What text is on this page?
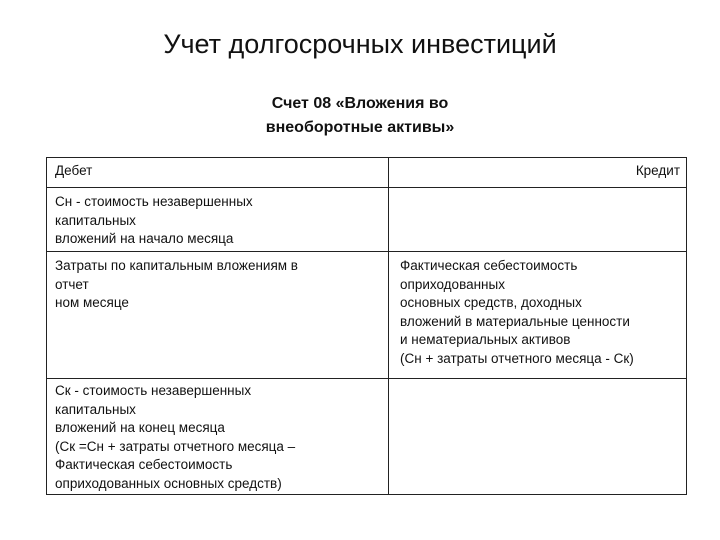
Учет долгосрочных инвестиций
Счет 08 «Вложения во
внеоборотные активы»
Дебет	Кредит
Сн - стоимость незавершенных
капитальных
вложений на начало месяца
Затраты по капитальным вложениям в
отчет
ном месяце
Фактическая себестоимость
оприходованных
основных средств, доходных
вложений в материальные ценности
и нематериальных активов
(Сн + затраты отчетного месяца - Ск)
Ск - стоимость незавершенных
капитальных
вложений на конец месяца
(Ск =Сн + затраты отчетного месяца –
Фактическая себестоимость
оприходованных основных средств)
